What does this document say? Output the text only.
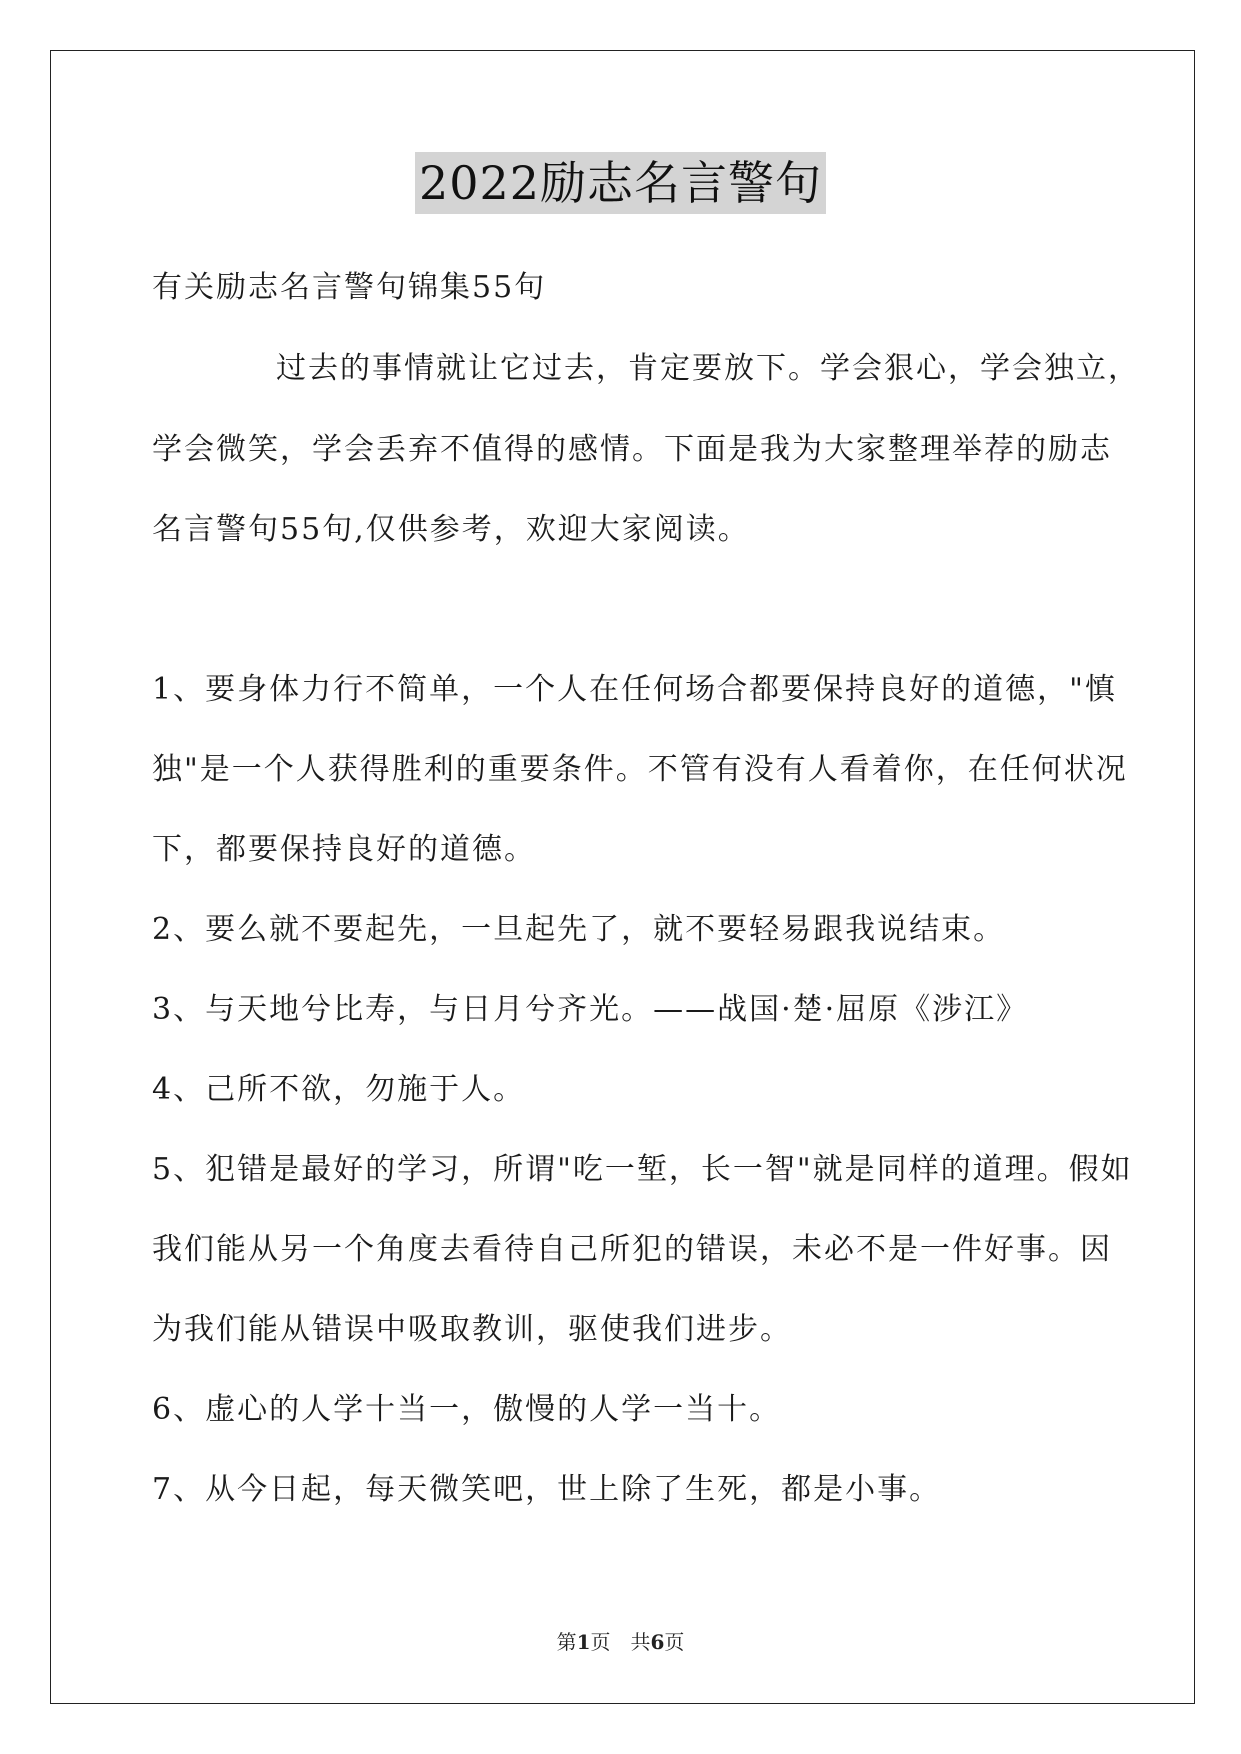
2022励志名言警句
有关励志名言警句锦集55句
过去的事情就让它过去，肯定要放下。学会狠心，学会独立，
学会微笑，学会丢弃不值得的感情。下面是我为大家整理举荐的励志
名言警句55句,仅供参考，欢迎大家阅读。
1、要身体力行不简单，一个人在任何场合都要保持良好的道德，"慎
独"是一个人获得胜利的重要条件。不管有没有人看着你，在任何状况
下，都要保持良好的道德。
2、要么就不要起先，一旦起先了，就不要轻易跟我说结束。
3、与天地兮比寿，与日月兮齐光。——战国·楚·屈原《涉江》
4、己所不欲，勿施于人。
5、犯错是最好的学习，所谓"吃一堑，长一智"就是同样的道理。假如
我们能从另一个角度去看待自己所犯的错误，未必不是一件好事。因
为我们能从错误中吸取教训，驱使我们进步。
6、虚心的人学十当一，傲慢的人学一当十。
7、从今日起，每天微笑吧，世上除了生死，都是小事。
第1页　共6页
